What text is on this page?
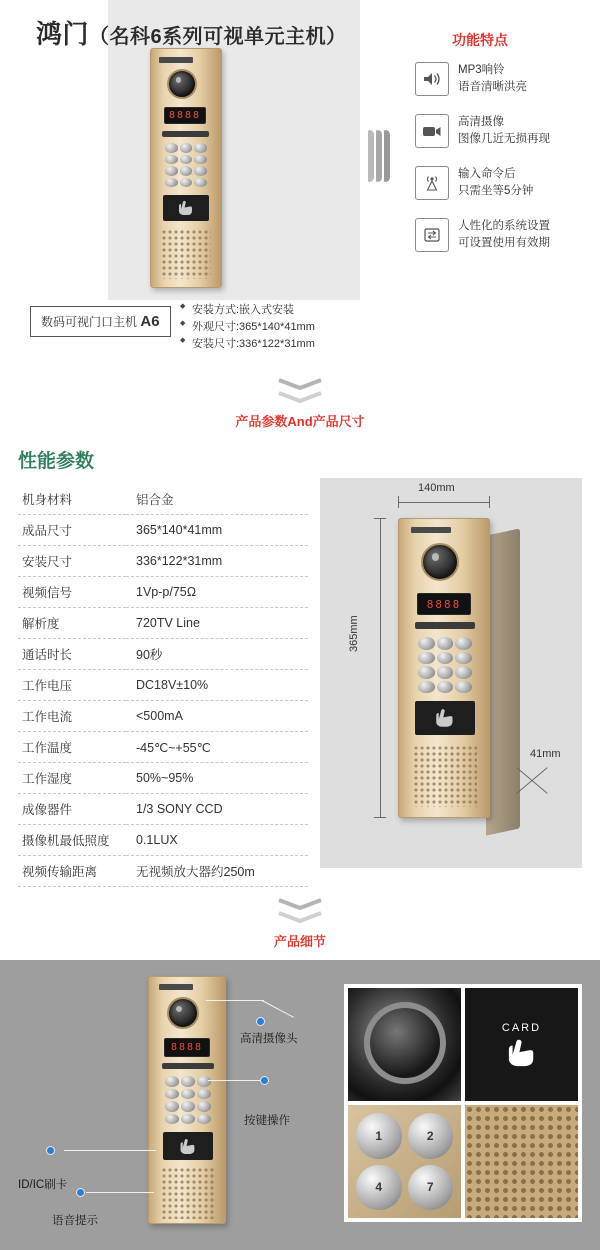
鸿门（名科6系列可视单元主机）
8888
数码可视门口主机 A6
◆ 安装方式:嵌入式安装
◆ 外观尺寸:365*140*41mm
◆ 安装尺寸:336*122*31mm
功能特点
MP3响铃
语音清晰洪亮
高清摄像
图像几近无损再现
输入命令后
只需坐等5分钟
人性化的系统设置
可设置使用有效期
产品参数And产品尺寸
性能参数
机身材料	铝合金
成品尺寸	365*140*41mm
安装尺寸	336*122*31mm
视频信号	1Vp-p/75Ω
解析度	720TV Line
通话时长	90秒
工作电压	DC18V±10%
工作电流	<500mA
工作温度	-45℃~+55℃
工作湿度	50%~95%
成像器件	1/3 SONY CCD
摄像机最低照度	0.1LUX
视频传输距离	无视频放大器约250m

140mm
365mm
41mm
8888
产品细节
8888
高清摄像头
按键操作
ID/IC刷卡
语音提示
CARD
1	2
4	7
